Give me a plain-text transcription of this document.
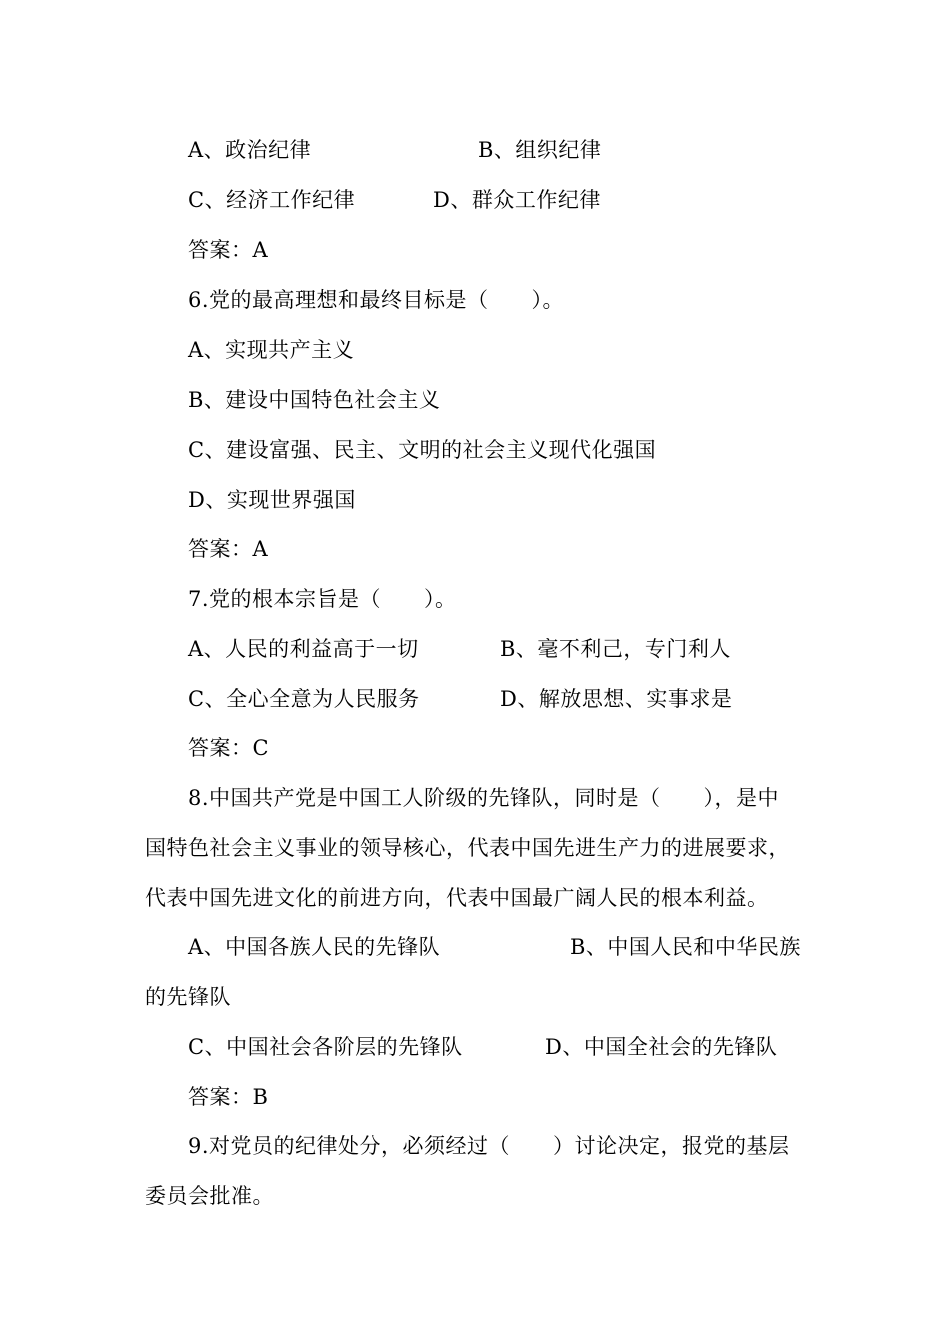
A、政治纪律	B、组织纪律
C、经济工作纪律	D、群众工作纪律
答案：A
6.党的最高理想和最终目标是（　　）。
A、实现共产主义
B、建设中国特色社会主义
C、建设富强、民主、文明的社会主义现代化强国
D、实现世界强国
答案：A
7.党的根本宗旨是（　　）。
A、人民的利益高于一切	B、毫不利己，专门利人
C、全心全意为人民服务	D、解放思想、实事求是
答案：C
8.中国共产党是中国工人阶级的先锋队，同时是（　　），是中
国特色社会主义事业的领导核心，代表中国先进生产力的进展要求，
代表中国先进文化的前进方向，代表中国最广阔人民的根本利益。
A、中国各族人民的先锋队	B、中国人民和中华民族
的先锋队
C、中国社会各阶层的先锋队	D、中国全社会的先锋队
答案：B
9.对党员的纪律处分，必须经过（　　）讨论决定，报党的基层
委员会批准。
